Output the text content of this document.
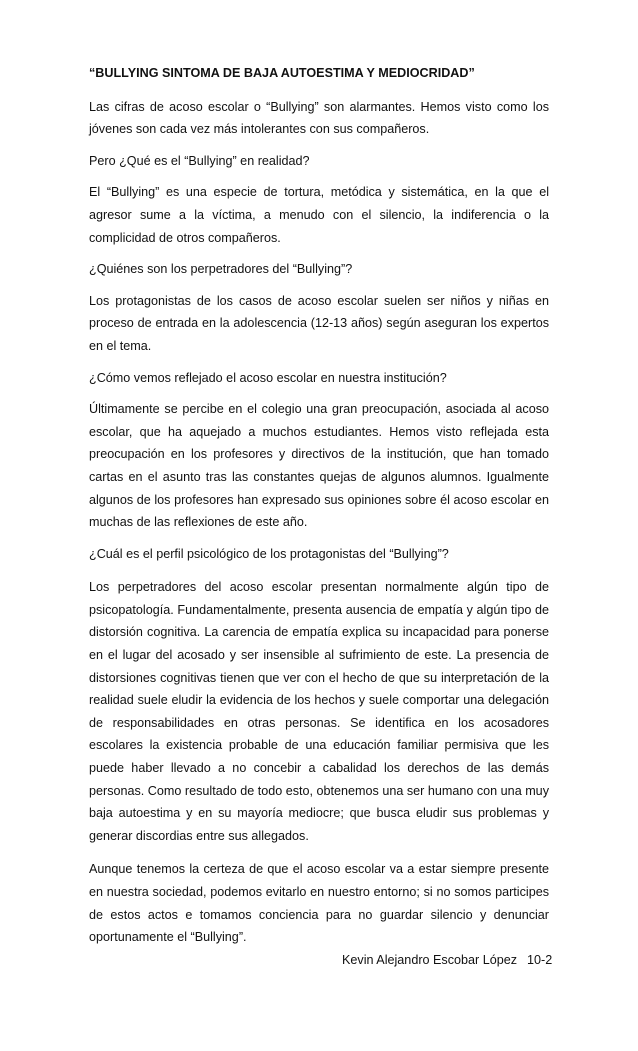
“BULLYING SINTOMA DE BAJA AUTOESTIMA Y MEDIOCRIDAD”

Las cifras de acoso escolar o “Bullying” son alarmantes. Hemos visto como los jóvenes son cada vez más intolerantes con sus compañeros.

Pero ¿Qué es el “Bullying” en realidad?

El “Bullying” es una especie de tortura, metódica y sistemática, en la que el agresor sume a la víctima, a menudo con el silencio, la indiferencia o la complicidad de otros compañeros.

¿Quiénes son los perpetradores del “Bullying”?

Los protagonistas de los casos de acoso escolar suelen ser niños y niñas en proceso de entrada en la adolescencia (12-13 años) según aseguran los expertos en el tema.

¿Cómo vemos reflejado el acoso escolar en nuestra institución?

Últimamente se percibe en el colegio una gran preocupación, asociada al acoso escolar, que ha aquejado a muchos estudiantes. Hemos visto reflejada esta preocupación en los profesores y directivos de la institución, que han tomado cartas en el asunto tras las constantes quejas de algunos alumnos. Igualmente algunos de los profesores han expresado sus opiniones sobre él acoso escolar en muchas de las reflexiones de este año.

¿Cuál es el perfil psicológico de los protagonistas del “Bullying”?

Los perpetradores del acoso escolar presentan normalmente algún tipo de psicopatología. Fundamentalmente, presenta ausencia de empatía y algún tipo de distorsión cognitiva. La carencia de empatía explica su incapacidad para ponerse en el lugar del acosado y ser insensible al sufrimiento de este. La presencia de distorsiones cognitivas tienen que ver con el hecho de que su interpretación de la realidad suele eludir la evidencia de los hechos y suele comportar una delegación de responsabilidades en otras personas. Se identifica en los acosadores escolares la existencia probable de una educación familiar permisiva que les puede haber llevado a no concebir a cabalidad los derechos de las demás personas. Como resultado de todo esto, obtenemos una ser humano con una muy baja autoestima y en su mayoría mediocre; que busca eludir sus problemas y generar discordias entre sus allegados.

Aunque tenemos la certeza de que el acoso escolar va a estar siempre presente en nuestra sociedad, podemos evitarlo en nuestro entorno; si no somos participes de estos actos e tomamos conciencia para no guardar silencio y denunciar oportunamente el “Bullying”.

Kevin Alejandro Escobar López 10-2
